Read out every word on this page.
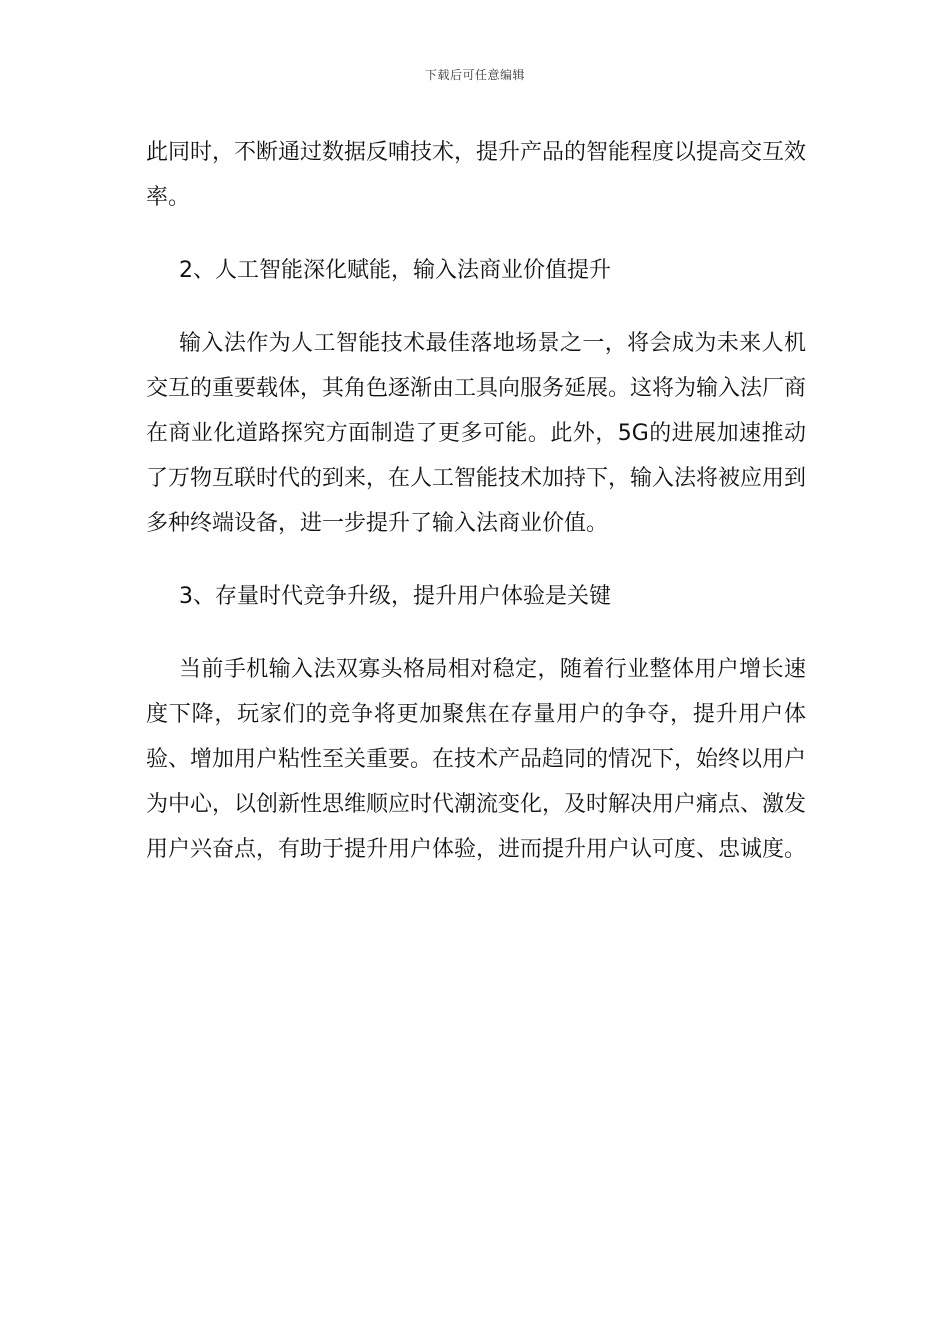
下载后可任意编辑

此同时，不断通过数据反哺技术，提升产品的智能程度以提高交互效率。

2、人工智能深化赋能，输入法商业价值提升

输入法作为人工智能技术最佳落地场景之一，将会成为未来人机交互的重要载体，其角色逐渐由工具向服务延展。这将为输入法厂商在商业化道路探究方面制造了更多可能。此外，5G的进展加速推动了万物互联时代的到来，在人工智能技术加持下，输入法将被应用到多种终端设备，进一步提升了输入法商业价值。

3、存量时代竞争升级，提升用户体验是关键

当前手机输入法双寡头格局相对稳定，随着行业整体用户增长速度下降，玩家们的竞争将更加聚焦在存量用户的争夺，提升用户体验、增加用户粘性至关重要。在技术产品趋同的情况下，始终以用户为中心，以创新性思维顺应时代潮流变化，及时解决用户痛点、激发用户兴奋点，有助于提升用户体验，进而提升用户认可度、忠诚度。
